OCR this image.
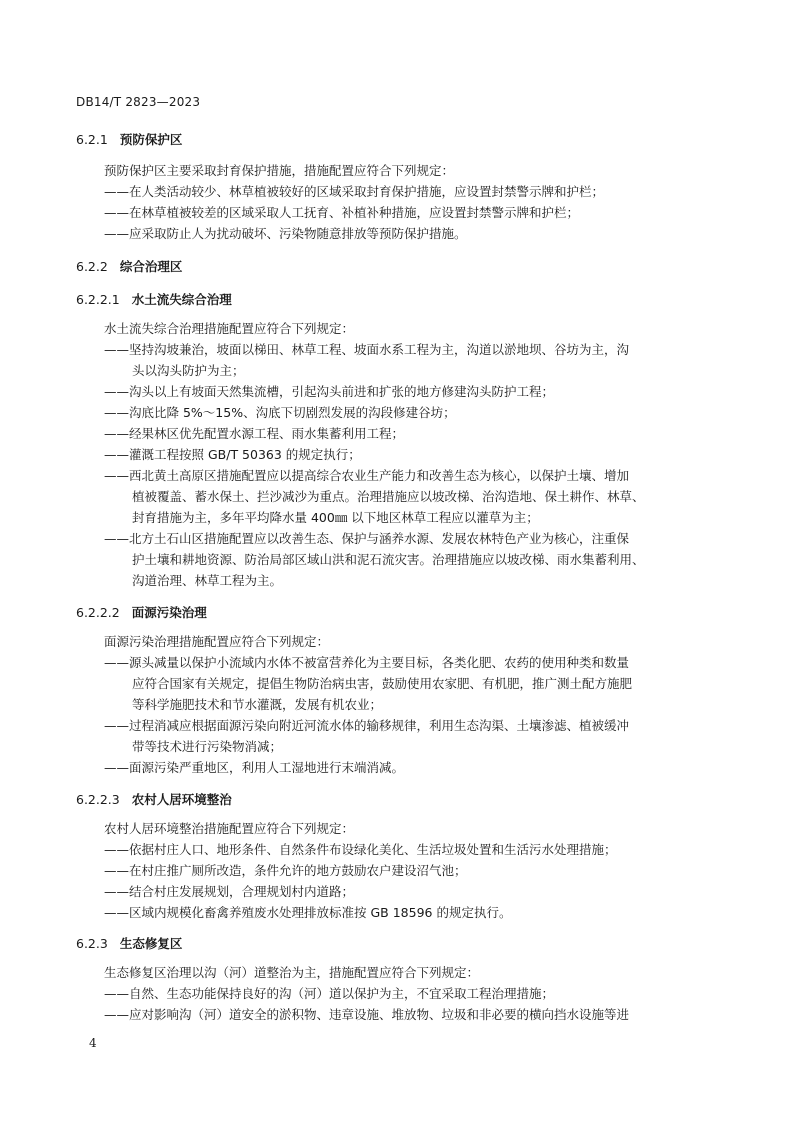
DB14/T 2823—2023
6.2.1 预防保护区
预防保护区主要采取封育保护措施，措施配置应符合下列规定：
——在人类活动较少、林草植被较好的区域采取封育保护措施，应设置封禁警示牌和护栏；
——在林草植被较差的区域采取人工抚育、补植补种措施，应设置封禁警示牌和护栏；
——应采取防止人为扰动破坏、污染物随意排放等预防保护措施。
6.2.2 综合治理区
6.2.2.1 水土流失综合治理
水土流失综合治理措施配置应符合下列规定：
——坚持沟坡兼治，坡面以梯田、林草工程、坡面水系工程为主，沟道以淤地坝、谷坊为主，沟
头以沟头防护为主；
——沟头以上有坡面天然集流槽，引起沟头前进和扩张的地方修建沟头防护工程；
——沟底比降 5%～15%、沟底下切剧烈发展的沟段修建谷坊；
——经果林区优先配置水源工程、雨水集蓄利用工程；
——灌溉工程按照 GB/T 50363 的规定执行；
——西北黄土高原区措施配置应以提高综合农业生产能力和改善生态为核心，以保护土壤、增加
植被覆盖、蓄水保土、拦沙减沙为重点。治理措施应以坡改梯、治沟造地、保土耕作、林草、
封育措施为主，多年平均降水量 400㎜ 以下地区林草工程应以灌草为主；
——北方土石山区措施配置应以改善生态、保护与涵养水源、发展农林特色产业为核心，注重保
护土壤和耕地资源、防治局部区域山洪和泥石流灾害。治理措施应以坡改梯、雨水集蓄利用、
沟道治理、林草工程为主。
6.2.2.2 面源污染治理
面源污染治理措施配置应符合下列规定：
——源头减量以保护小流域内水体不被富营养化为主要目标，各类化肥、农药的使用种类和数量
应符合国家有关规定，提倡生物防治病虫害，鼓励使用农家肥、有机肥，推广测土配方施肥
等科学施肥技术和节水灌溉，发展有机农业；
——过程消减应根据面源污染向附近河流水体的输移规律，利用生态沟渠、土壤渗滤、植被缓冲
带等技术进行污染物消减；
——面源污染严重地区，利用人工湿地进行末端消减。
6.2.2.3 农村人居环境整治
农村人居环境整治措施配置应符合下列规定：
——依据村庄人口、地形条件、自然条件布设绿化美化、生活垃圾处置和生活污水处理措施；
——在村庄推广厕所改造，条件允许的地方鼓励农户建设沼气池；
——结合村庄发展规划，合理规划村内道路；
——区域内规模化畜禽养殖废水处理排放标准按 GB 18596 的规定执行。
6.2.3 生态修复区
生态修复区治理以沟（河）道整治为主，措施配置应符合下列规定：
——自然、生态功能保持良好的沟（河）道以保护为主，不宜采取工程治理措施；
——应对影响沟（河）道安全的淤积物、违章设施、堆放物、垃圾和非必要的横向挡水设施等进
4
